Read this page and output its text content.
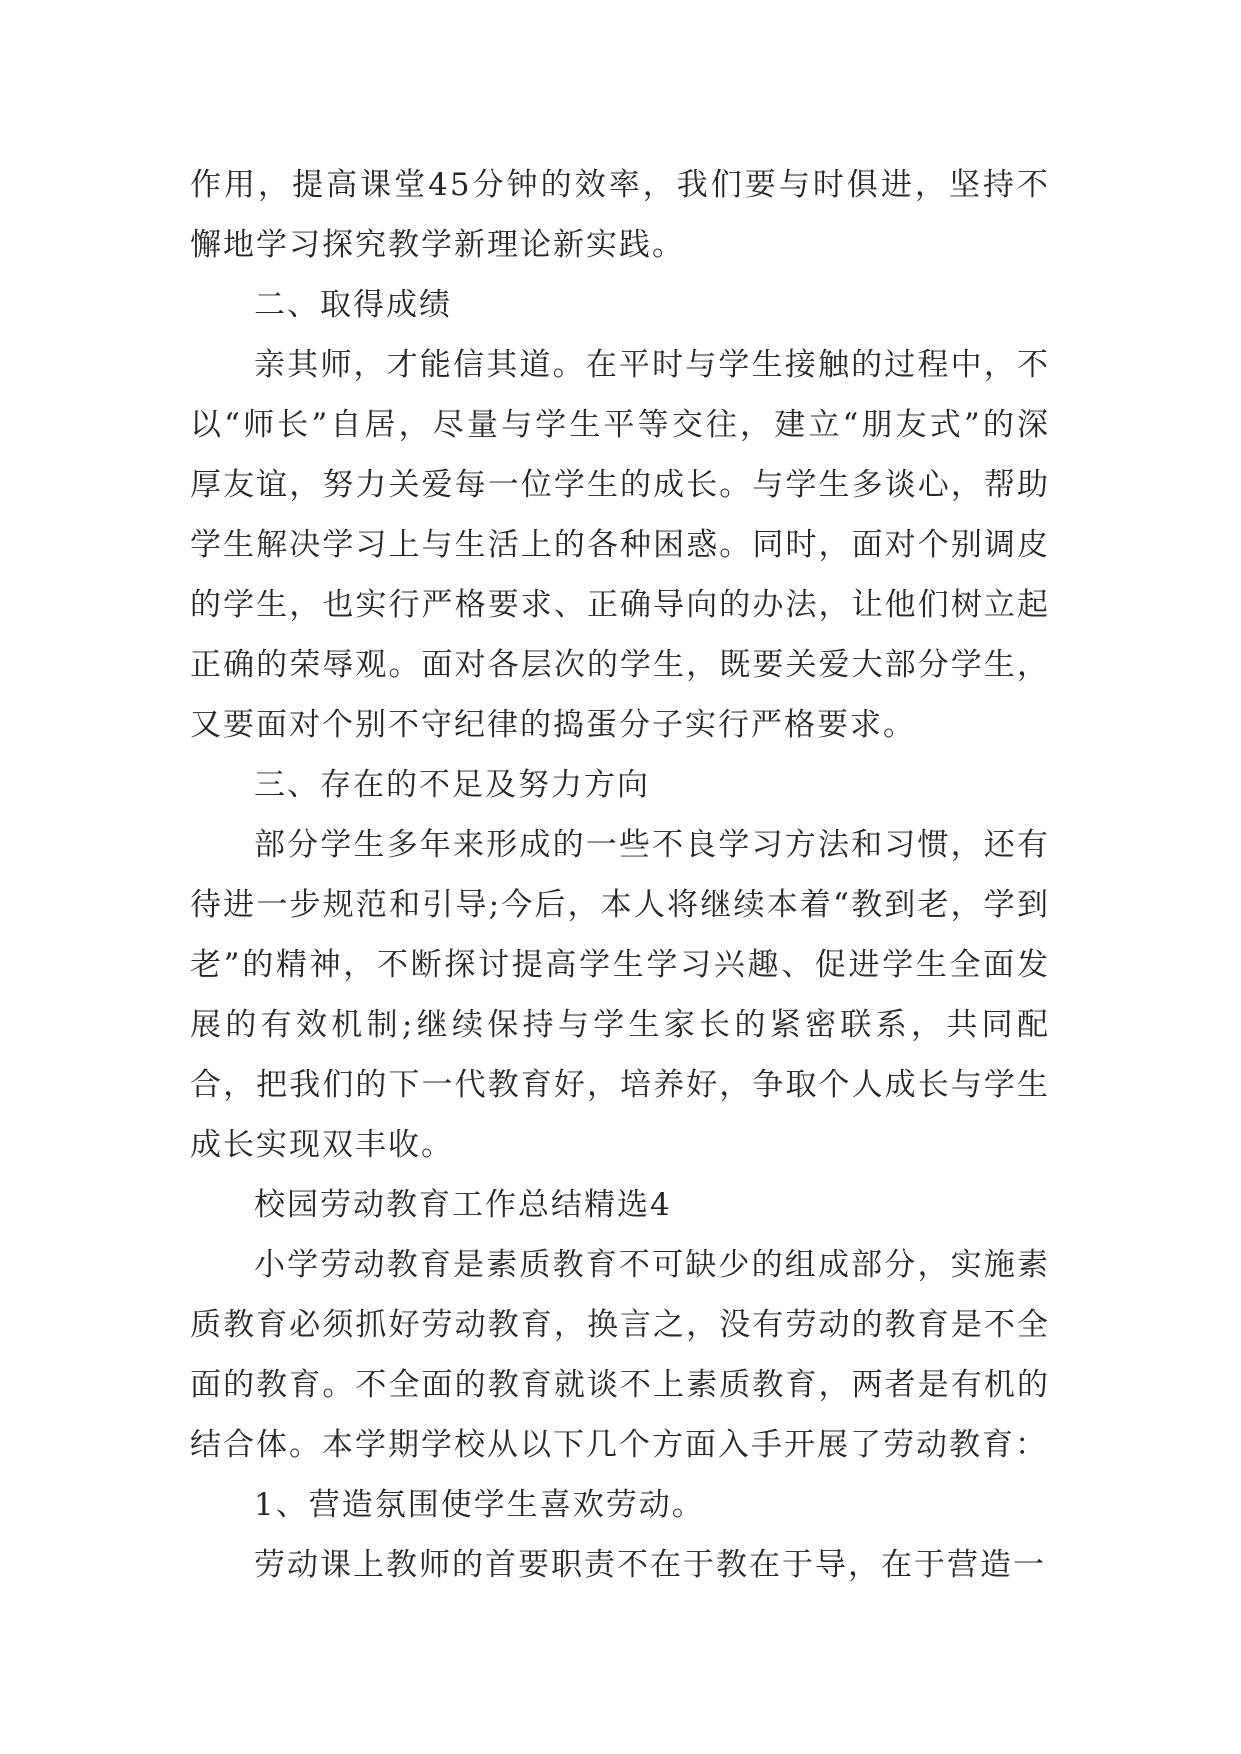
作用，提高课堂45分钟的效率，我们要与时俱进，坚持不懈地学习探究教学新理论新实践。

二、取得成绩

亲其师，才能信其道。在平时与学生接触的过程中，不以“师长”自居，尽量与学生平等交往，建立“朋友式”的深厚友谊，努力关爱每一位学生的成长。与学生多谈心，帮助学生解决学习上与生活上的各种困惑。同时，面对个别调皮的学生，也实行严格要求、正确导向的办法，让他们树立起正确的荣辱观。面对各层次的学生，既要关爱大部分学生，又要面对个别不守纪律的捣蛋分子实行严格要求。

三、存在的不足及努力方向

部分学生多年来形成的一些不良学习方法和习惯，还有待进一步规范和引导;今后，本人将继续本着“教到老，学到老”的精神，不断探讨提高学生学习兴趣、促进学生全面发展的有效机制;继续保持与学生家长的紧密联系，共同配合，把我们的下一代教育好，培养好，争取个人成长与学生成长实现双丰收。

校园劳动教育工作总结精选4

小学劳动教育是素质教育不可缺少的组成部分，实施素质教育必须抓好劳动教育，换言之，没有劳动的教育是不全面的教育。不全面的教育就谈不上素质教育，两者是有机的结合体。本学期学校从以下几个方面入手开展了劳动教育：

1、营造氛围使学生喜欢劳动。

劳动课上教师的首要职责不在于教在于导，在于营造一
